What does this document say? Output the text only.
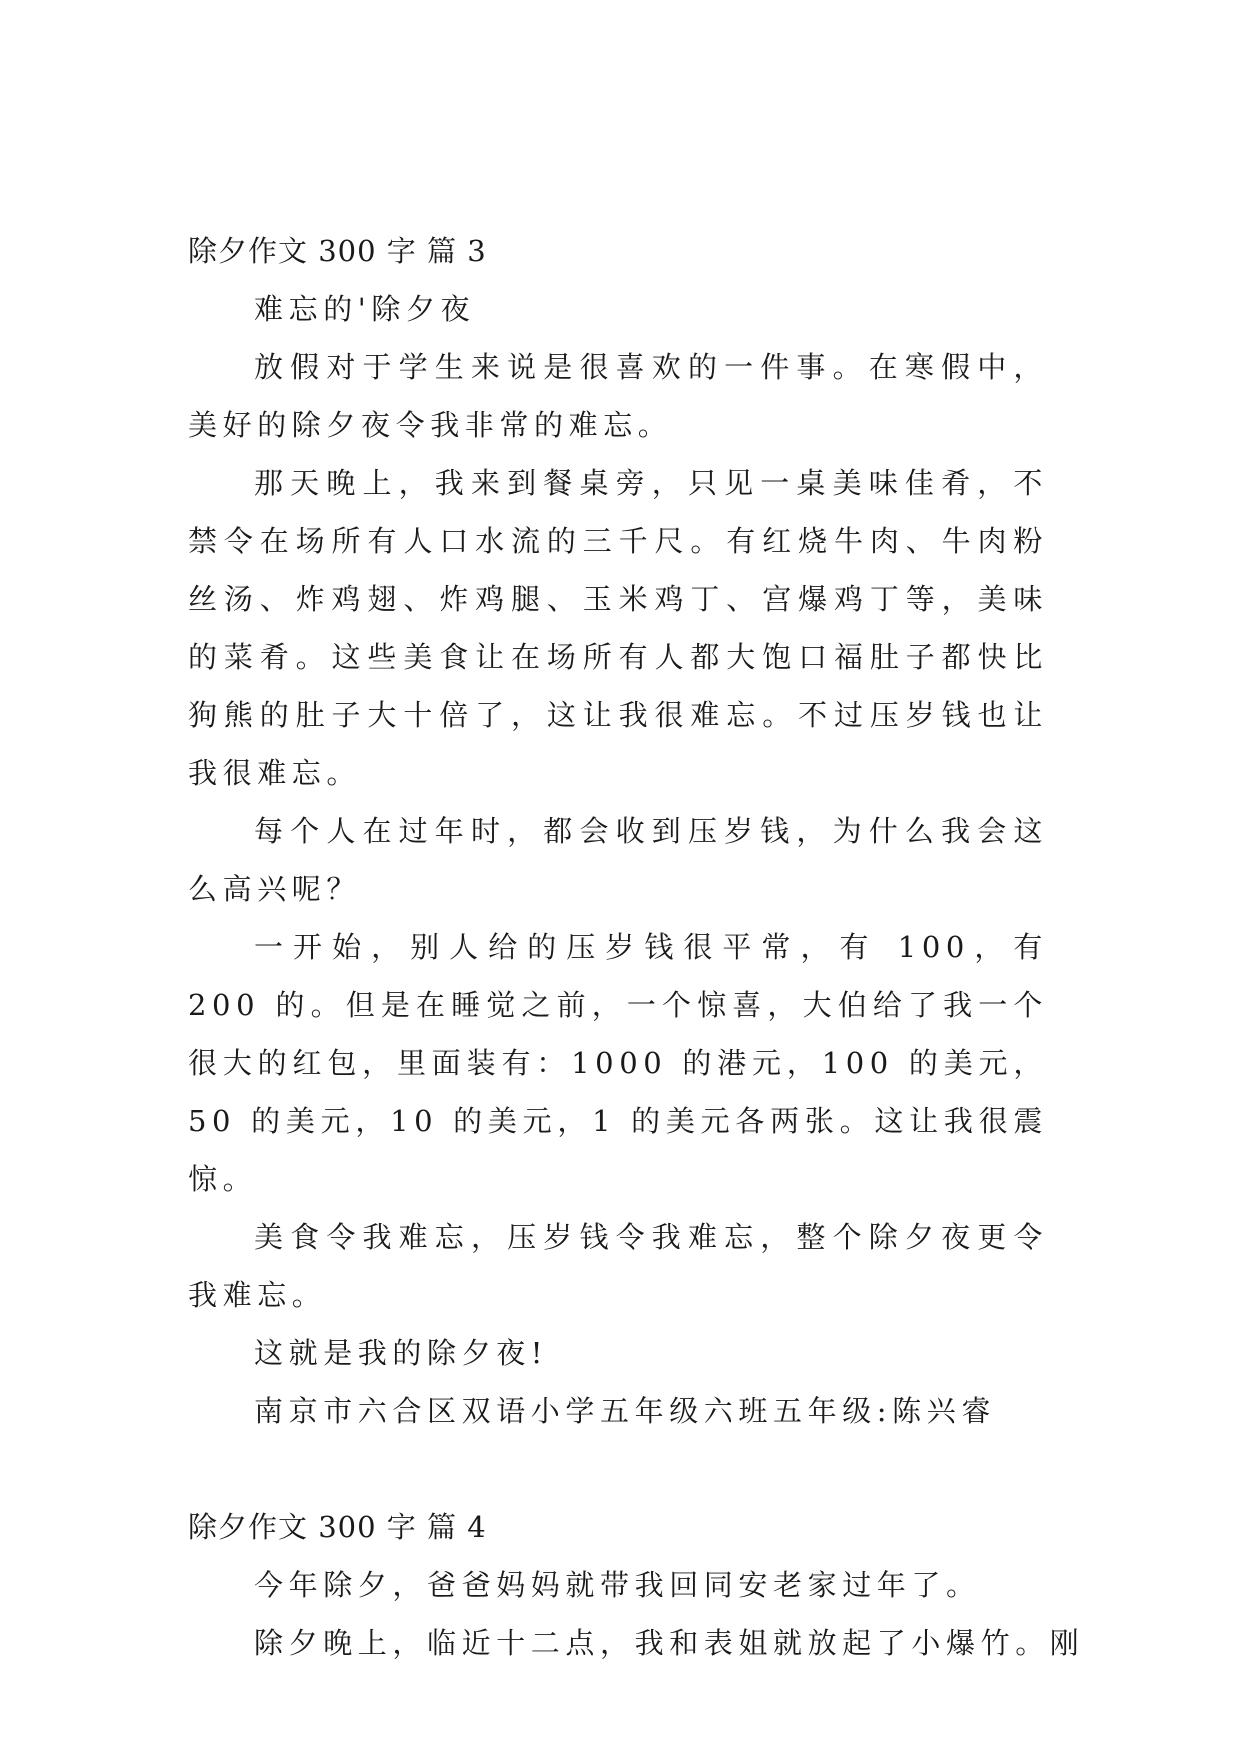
除夕作文 300 字 篇 3

难忘的'除夕夜

放假对于学生来说是很喜欢的一件事。在寒假中，美好的除夕夜令我非常的难忘。

那天晚上，我来到餐桌旁，只见一桌美味佳肴，不禁令在场所有人口水流的三千尺。有红烧牛肉、牛肉粉丝汤、炸鸡翅、炸鸡腿、玉米鸡丁、宫爆鸡丁等，美味的菜肴。这些美食让在场所有人都大饱口福肚子都快比狗熊的肚子大十倍了，这让我很难忘。不过压岁钱也让我很难忘。

每个人在过年时，都会收到压岁钱，为什么我会这么高兴呢？

一开始，别人给的压岁钱很平常，有 100，有 200 的。但是在睡觉之前，一个惊喜，大伯给了我一个很大的红包，里面装有：1000 的港元，100 的美元，50 的美元，10 的美元，1 的美元各两张。这让我很震惊。

美食令我难忘，压岁钱令我难忘，整个除夕夜更令我难忘。

这就是我的除夕夜!

南京市六合区双语小学五年级六班五年级:陈兴睿

除夕作文 300 字 篇 4

今年除夕，爸爸妈妈就带我回同安老家过年了。

除夕晚上，临近十二点，我和表姐就放起了小爆竹。刚
